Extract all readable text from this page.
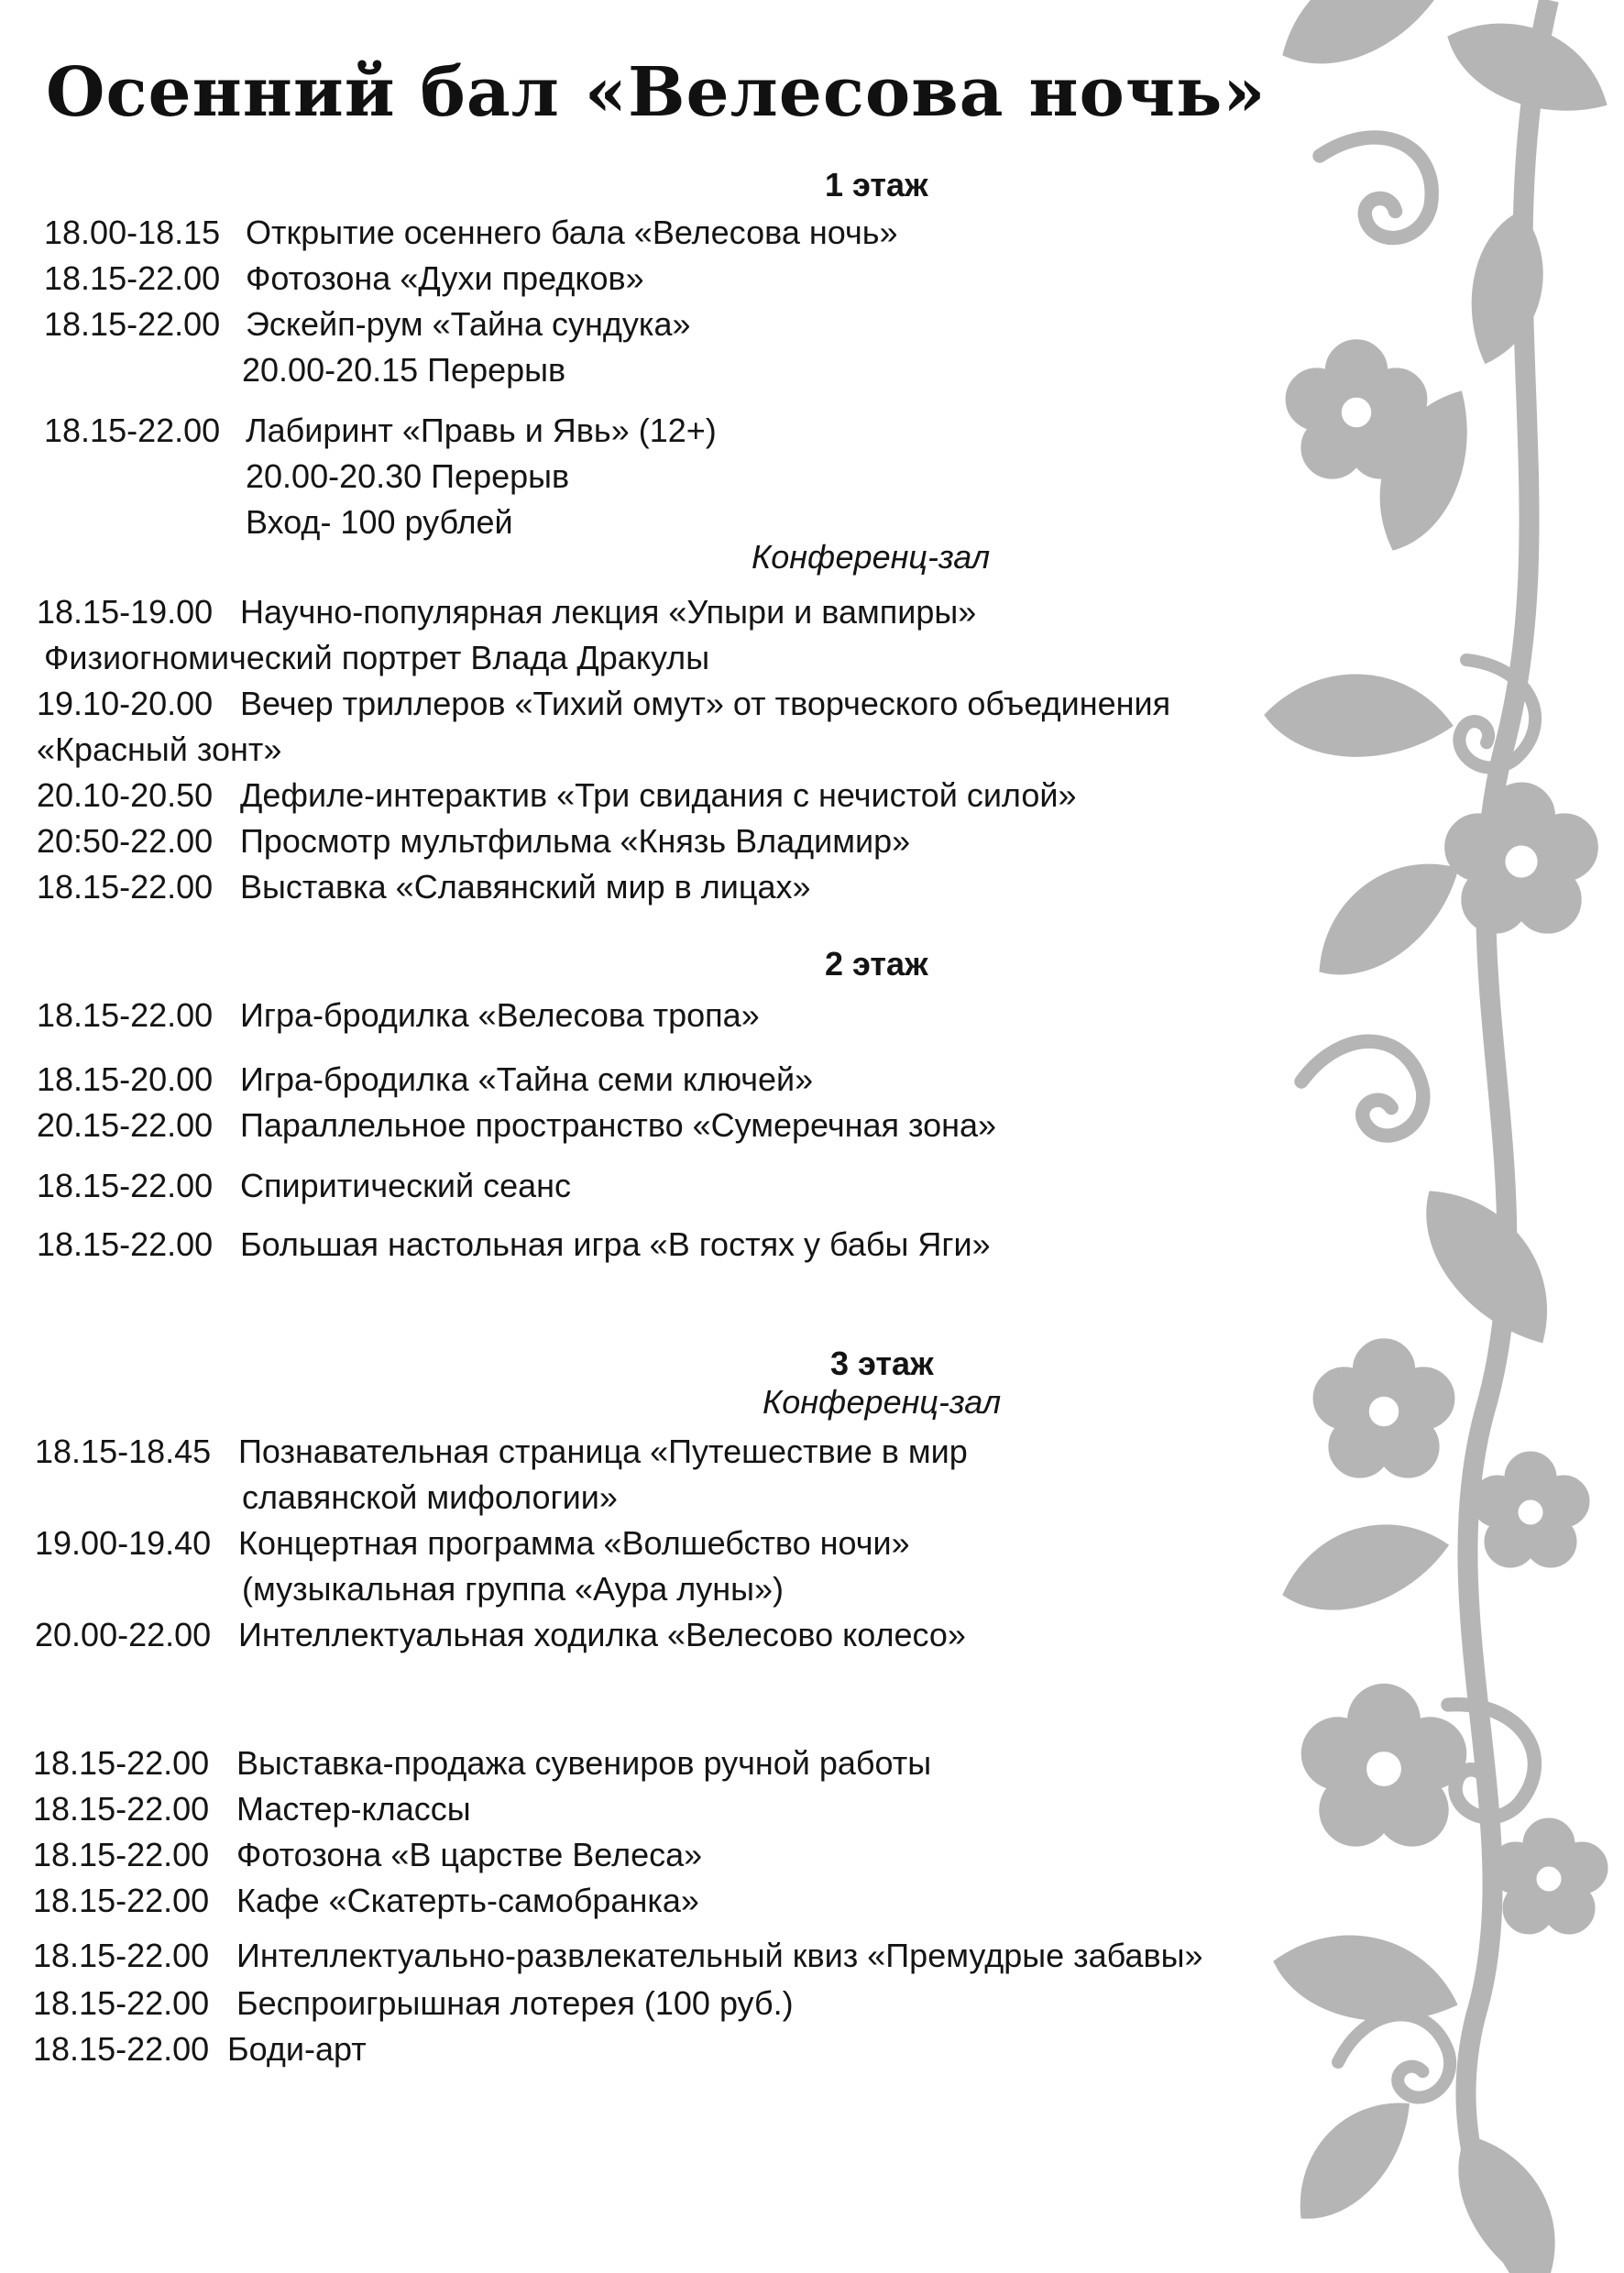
Осенний бал «Велесова ночь»
1 этаж
18.00-18.15 Открытие осеннего бала «Велесова ночь»
18.15-22.00 Фотозона «Духи предков»
18.15-22.00 Эскейп-рум «Тайна сундука»
20.00-20.15 Перерыв
18.15-22.00 Лабиринт «Правь и Явь» (12+)
20.00-20.30 Перерыв
Вход- 100 рублей
Конференц-зал
18.15-19.00 Научно-популярная лекция «Упыри и вампиры»
Физиогномический портрет Влада Дракулы
19.10-20.00 Вечер триллеров «Тихий омут» от творческого объединения
«Красный зонт»
20.10-20.50 Дефиле-интерактив «Три свидания с нечистой силой»
20:50-22.00 Просмотр мультфильма «Князь Владимир»
18.15-22.00 Выставка «Славянский мир в лицах»
2 этаж
18.15-22.00 Игра-бродилка «Велесова тропа»
18.15-20.00 Игра-бродилка «Тайна семи ключей»
20.15-22.00 Параллельное пространство «Сумеречная зона»
18.15-22.00 Спиритический сеанс
18.15-22.00 Большая настольная игра «В гостях у бабы Яги»
3 этаж
Конференц-зал
18.15-18.45 Познавательная страница «Путешествие в мир
славянской мифологии»
19.00-19.40 Концертная программа «Волшебство ночи»
(музыкальная группа «Аура луны»)
20.00-22.00 Интеллектуальная ходилка «Велесово колесо»
18.15-22.00 Выставка-продажа сувениров ручной работы
18.15-22.00 Мастер-классы
18.15-22.00 Фотозона «В царстве Велеса»
18.15-22.00 Кафе «Скатерть-самобранка»
18.15-22.00 Интеллектуально-развлекательный квиз «Премудрые забавы»
18.15-22.00 Беспроигрышная лотерея (100 руб.)
18.15-22.00 Боди-арт
